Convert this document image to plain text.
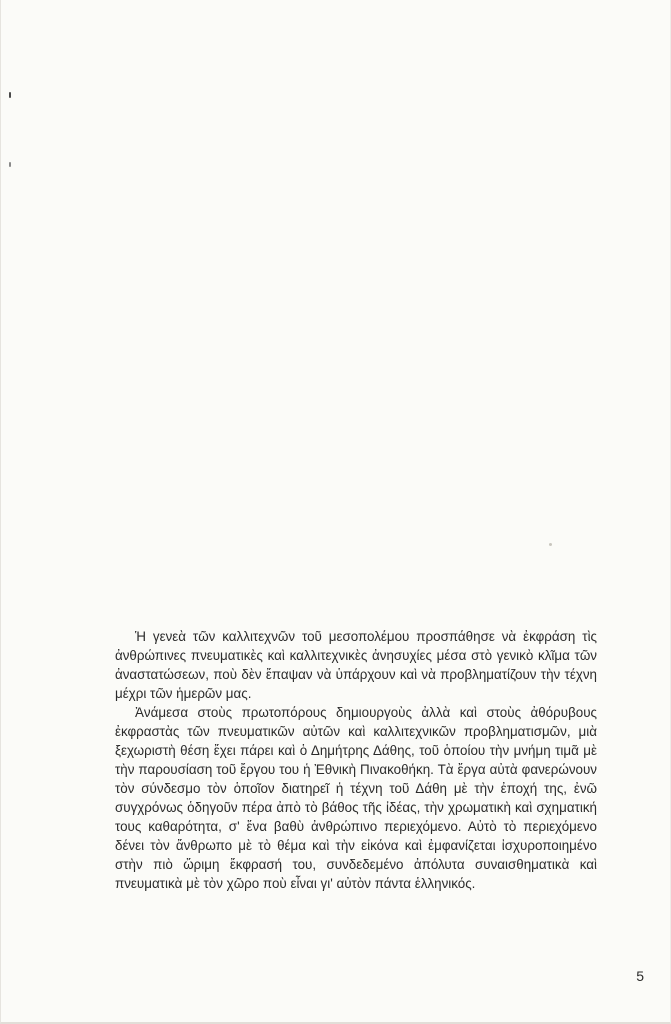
Ἡ γενεὰ τῶν καλλιτεχνῶν τοῦ μεσοπολέμου προσπάθησε νὰ ἐκφράση τὶς ἀνθρώπινες πνευματικὲς καὶ καλλιτεχνικὲς ἀνησυχίες μέσα στὸ γενικὸ κλῖμα τῶν ἀναστατώσεων, ποὺ δὲν ἔπαψαν νὰ ὑπάρχουν καὶ νὰ προβληματίζουν τὴν τέχνη μέχρι τῶν ἡμερῶν μας.

Ἀνάμεσα στοὺς πρωτοπόρους δημιουργοὺς ἀλλὰ καὶ στοὺς ἀθόρυβους ἐκφραστὰς τῶν πνευματικῶν αὐτῶν καὶ καλλιτεχνικῶν προβληματισμῶν, μιὰ ξεχωριστὴ θέση ἔχει πάρει καὶ ὁ Δημήτρης Δάθης, τοῦ ὁποίου τὴν μνήμη τιμᾶ μὲ τὴν παρουσίαση τοῦ ἔργου του ἡ Ἐθνικὴ Πινακοθήκη. Τὰ ἔργα αὐτὰ φανερώνουν τὸν σύνδεσμο τὸν ὁποῖον διατηρεῖ ἡ τέχνη τοῦ Δάθη μὲ τὴν ἐποχή της, ἐνῶ συγχρόνως ὁδηγοῦν πέρα ἀπὸ τὸ βάθος τῆς ἰδέας, τὴν χρωματικὴ καὶ σχηματική τους καθαρότητα, σ' ἕνα βαθὺ ἀνθρώπινο περιεχόμενο. Αὐτὸ τὸ περιεχόμενο δένει τὸν ἄνθρωπο μὲ τὸ θέμα καὶ τὴν εἰκόνα καὶ ἐμφανίζεται ἰσχυροποιημένο στὴν πιὸ ὥριμη ἔκφρασή του, συνδεδεμένο ἀπόλυτα συναισθηματικὰ καὶ πνευματικὰ μὲ τὸν χῶρο ποὺ εἶναι γι' αὐτὸν πάντα ἑλληνικός.

5
